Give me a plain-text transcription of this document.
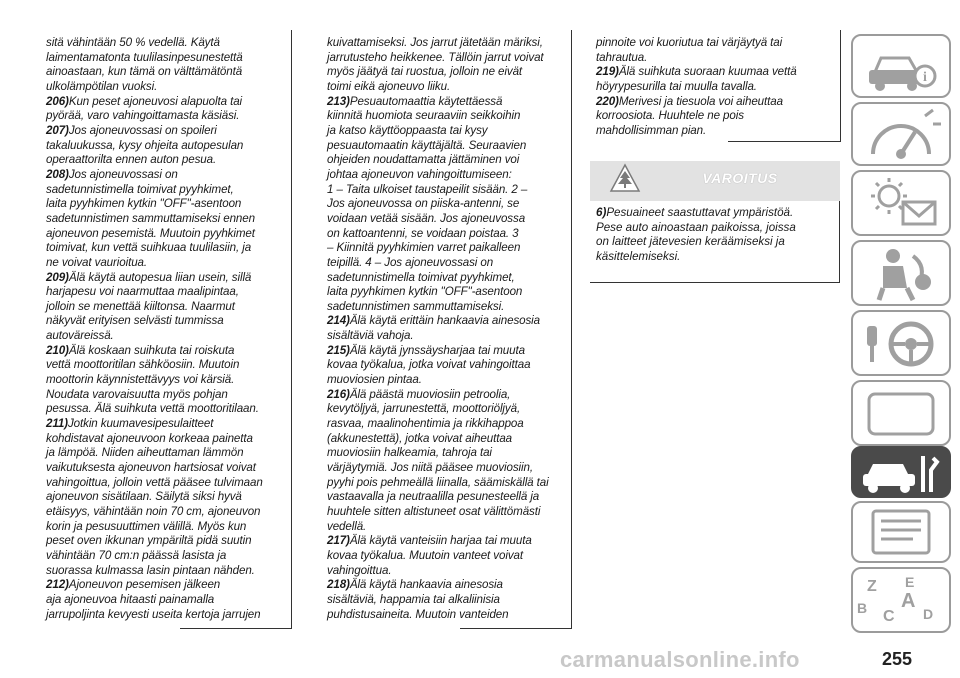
sitä vähintään 50 % vedellä. Käytä
laimentamatonta tuulilasinpesunestettä
ainoastaan, kun tämä on välttämätöntä
ulkolämpötilan vuoksi.

206)Kun peset ajoneuvosi alapuolta tai
pyörää, varo vahingoittamasta käsiäsi.

207)Jos ajoneuvossasi on spoileri
takaluukussa, kysy ohjeita autopesulan
operaattorilta ennen auton pesua.

208)Jos ajoneuvossasi on
sadetunnistimella toimivat pyyhkimet,
laita pyyhkimen kytkin "OFF"-asentoon
sadetunnistimen sammuttamiseksi ennen
ajoneuvon pesemistä. Muutoin pyyhkimet
toimivat, kun vettä suihkuaa tuulilasiin, ja
ne voivat vaurioitua.

209)Älä käytä autopesua liian usein, sillä
harjapesu voi naarmuttaa maalipintaa,
jolloin se menettää kiiltonsa. Naarmut
näkyvät erityisen selvästi tummissa
autoväreissä.

210)Älä koskaan suihkuta tai roiskuta
vettä moottoritilan sähköosiin. Muutoin
moottorin käynnistettävyys voi kärsiä.
Noudata varovaisuutta myös pohjan
pesussa. Älä suihkuta vettä moottoritilaan.

211)Jotkin kuumavesipesulaitteet
kohdistavat ajoneuvoon korkeaa painetta
ja lämpöä. Niiden aiheuttaman lämmön
vaikutuksesta ajoneuvon hartsiosat voivat
vahingoittua, jolloin vettä pääsee tulvimaan
ajoneuvon sisätilaan. Säilytä siksi hyvä
etäisyys, vähintään noin 70 cm, ajoneuvon
korin ja pesusuuttimen välillä. Myös kun
peset oven ikkunan ympäriltä pidä suutin
vähintään 70 cm:n päässä lasista ja
suorassa kulmassa lasin pintaan nähden.

212)Ajoneuvon pesemisen jälkeen
aja ajoneuvoa hitaasti painamalla
jarrupoljinta kevyesti useita kertoja jarrujen

kuivattamiseksi. Jos jarrut jätetään märiksi,
jarrutusteho heikkenee. Tällöin jarrut voivat
myös jäätyä tai ruostua, jolloin ne eivät
toimi eikä ajoneuvo liiku.

213)Pesuautomaattia käytettäessä
kiinnitä huomiota seuraaviin seikkoihin
ja katso käyttöoppaasta tai kysy
pesuautomaatin käyttäjältä. Seuraavien
ohjeiden noudattamatta jättäminen voi
johtaa ajoneuvon vahingoittumiseen:
1 – Taita ulkoiset taustapeilit sisään. 2 –
Jos ajoneuvossa on piiska-antenni, se
voidaan vetää sisään. Jos ajoneuvossa
on kattoantenni, se voidaan poistaa. 3
– Kiinnitä pyyhkimien varret paikalleen
teipillä. 4 – Jos ajoneuvossasi on
sadetunnistimella toimivat pyyhkimet,
laita pyyhkimen kytkin "OFF"-asentoon
sadetunnistimen sammuttamiseksi.

214)Älä käytä erittäin hankaavia ainesosia
sisältäviä vahoja.

215)Älä käytä jynssäysharjaa tai muuta
kovaa työkalua, jotka voivat vahingoittaa
muoviosien pintaa.

216)Älä päästä muoviosiin petroolia,
kevytöljyä, jarrunestettä, moottoriöljyä,
rasvaa, maalinohentimia ja rikkihappoa
(akkunestettä), jotka voivat aiheuttaa
muoviosiin halkeamia, tahroja tai
värjäytymiä. Jos niitä pääsee muoviosiin,
pyyhi pois pehmeällä liinalla, säämiskällä tai
vastaavalla ja neutraalilla pesunesteellä ja
huuhtele sitten altistuneet osat välittömästi
vedellä.

217)Älä käytä vanteisiin harjaa tai muuta
kovaa työkalua. Muutoin vanteet voivat
vahingoittua.

218)Älä käytä hankaavia ainesosia
sisältäviä, happamia tai alkaliinisia
puhdistusaineita. Muutoin vanteiden

pinnoite voi kuoriutua tai värjäytyä tai
tahrautua.

219)Älä suihkuta suoraan kuumaa vettä
höyrypesurilla tai muulla tavalla.

220)Merivesi ja tiesuola voi aiheuttaa
korroosiota. Huuhtele ne pois
mahdollisimman pian.

VAROITUS

6)Pesuaineet saastuttavat ympäristöä.
Pese auto ainoastaan paikoissa, joissa
on laitteet jätevesien keräämiseksi ja
käsittelemiseksi.

i
Z E
B C
A
D
carmanualsonline.info	255
